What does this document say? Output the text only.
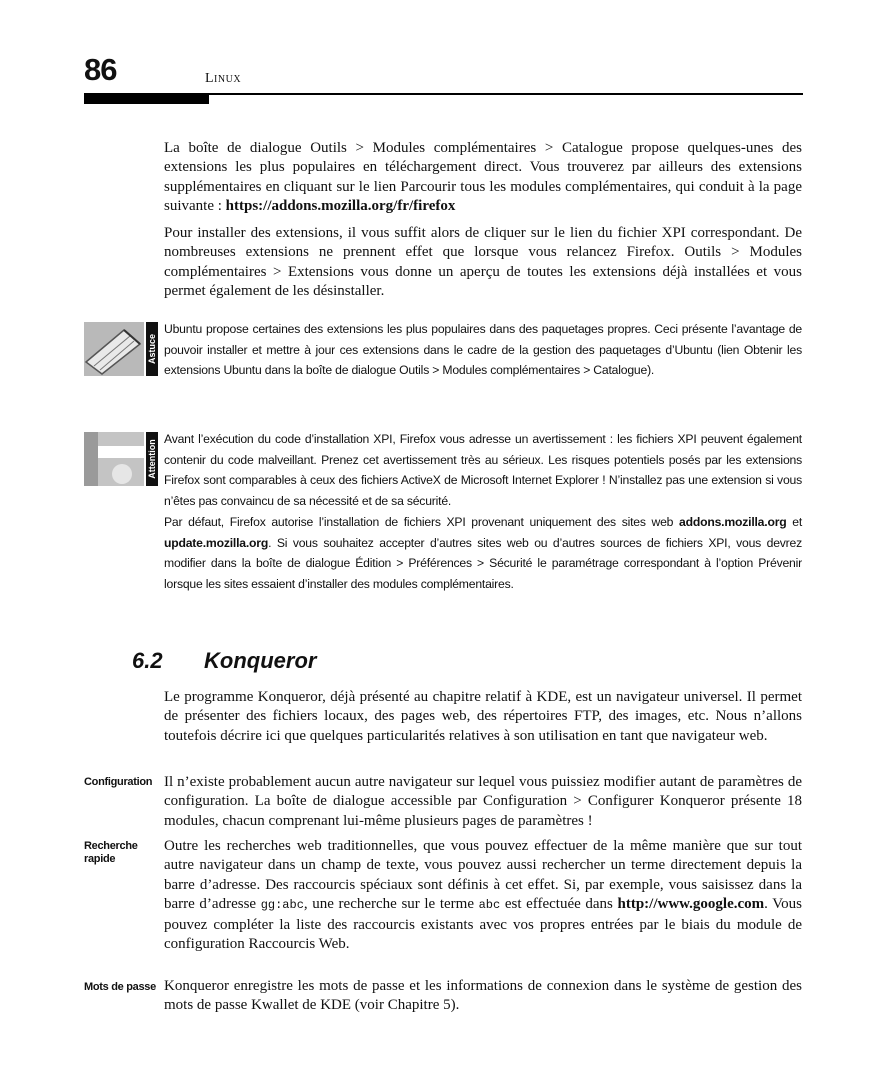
86	Linux

La boîte de dialogue Outils > Modules complémentaires > Catalogue propose quelques-unes des extensions les plus populaires en téléchargement direct. Vous trouverez par ailleurs des extensions supplémentaires en cliquant sur le lien Parcourir tous les modules complémentaires, qui conduit à la page suivante : https://addons.mozilla.org/fr/firefox

Pour installer des extensions, il vous suffit alors de cliquer sur le lien du fichier XPI correspondant. De nombreuses extensions ne prennent effet que lorsque vous relancez Firefox. Outils > Modules complémentaires > Extensions vous donne un aperçu de toutes les extensions déjà installées et vous permet également de les désinstaller.

Astuce

Ubuntu propose certaines des extensions les plus populaires dans des paquetages propres. Ceci présente l’avantage de pouvoir installer et mettre à jour ces extensions dans le cadre de la gestion des paquetages d’Ubuntu (lien Obtenir les extensions Ubuntu dans la boîte de dialogue Outils > Modules complémentaires > Catalogue).

Attention

Avant l’exécution du code d’installation XPI, Firefox vous adresse un avertissement : les fichiers XPI peuvent également contenir du code malveillant. Prenez cet avertissement très au sérieux. Les risques potentiels posés par les extensions Firefox sont comparables à ceux des fichiers ActiveX de Microsoft Internet Explorer ! N’installez pas une extension si vous n’êtes pas convaincu de sa nécessité et de sa sécurité.

Par défaut, Firefox autorise l’installation de fichiers XPI provenant uniquement des sites web addons.mozilla.org et update.mozilla.org. Si vous souhaitez accepter d’autres sites web ou d’autres sources de fichiers XPI, vous devrez modifier dans la boîte de dialogue Édition > Préférences > Sécurité le paramétrage correspondant à l’option Prévenir lorsque les sites essaient d’installer des modules complémentaires.

6.2 Konqueror

Le programme Konqueror, déjà présenté au chapitre relatif à KDE, est un navigateur universel. Il permet de présenter des fichiers locaux, des pages web, des répertoires FTP, des images, etc. Nous n’allons toutefois décrire ici que quelques particularités relatives à son utilisation en tant que navigateur web.

Configuration Il n’existe probablement aucun autre navigateur sur lequel vous puissiez modifier autant de paramètres de configuration. La boîte de dialogue accessible par Configuration > Configurer Konqueror présente 18 modules, chacun comprenant lui-même plusieurs pages de paramètres !

Recherche rapide

Outre les recherches web traditionnelles, que vous pouvez effectuer de la même manière que sur tout autre navigateur dans un champ de texte, vous pouvez aussi rechercher un terme directement depuis la barre d’adresse. Des raccourcis spéciaux sont définis à cet effet. Si, par exemple, vous saisissez dans la barre d’adresse gg:abc, une recherche sur le terme abc est effectuée dans http://www.google.com. Vous pouvez compléter la liste des raccourcis existants avec vos propres entrées par le biais du module de configuration Raccourcis Web.

Mots de passe Konqueror enregistre les mots de passe et les informations de connexion dans le système de gestion des mots de passe Kwallet de KDE (voir Chapitre 5).
